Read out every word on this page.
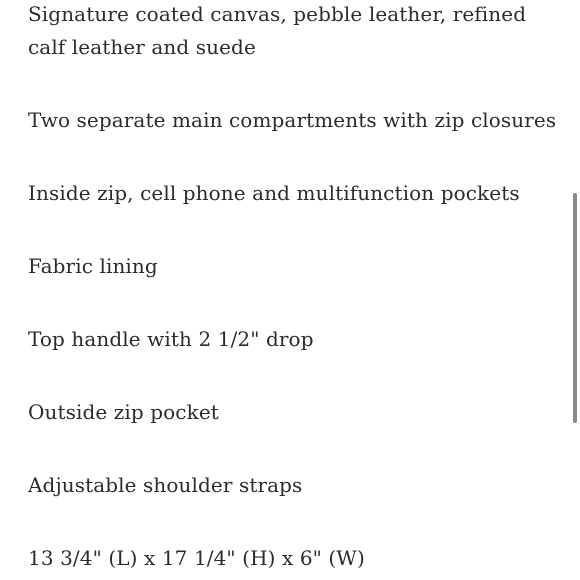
Signature coated canvas, pebble leather, refined calf leather and suede
Two separate main compartments with zip closures
Inside zip, cell phone and multifunction pockets
Fabric lining
Top handle with 2 1/2" drop
Outside zip pocket
Adjustable shoulder straps
13 3/4" (L) x 17 1/4" (H) x 6" (W)
